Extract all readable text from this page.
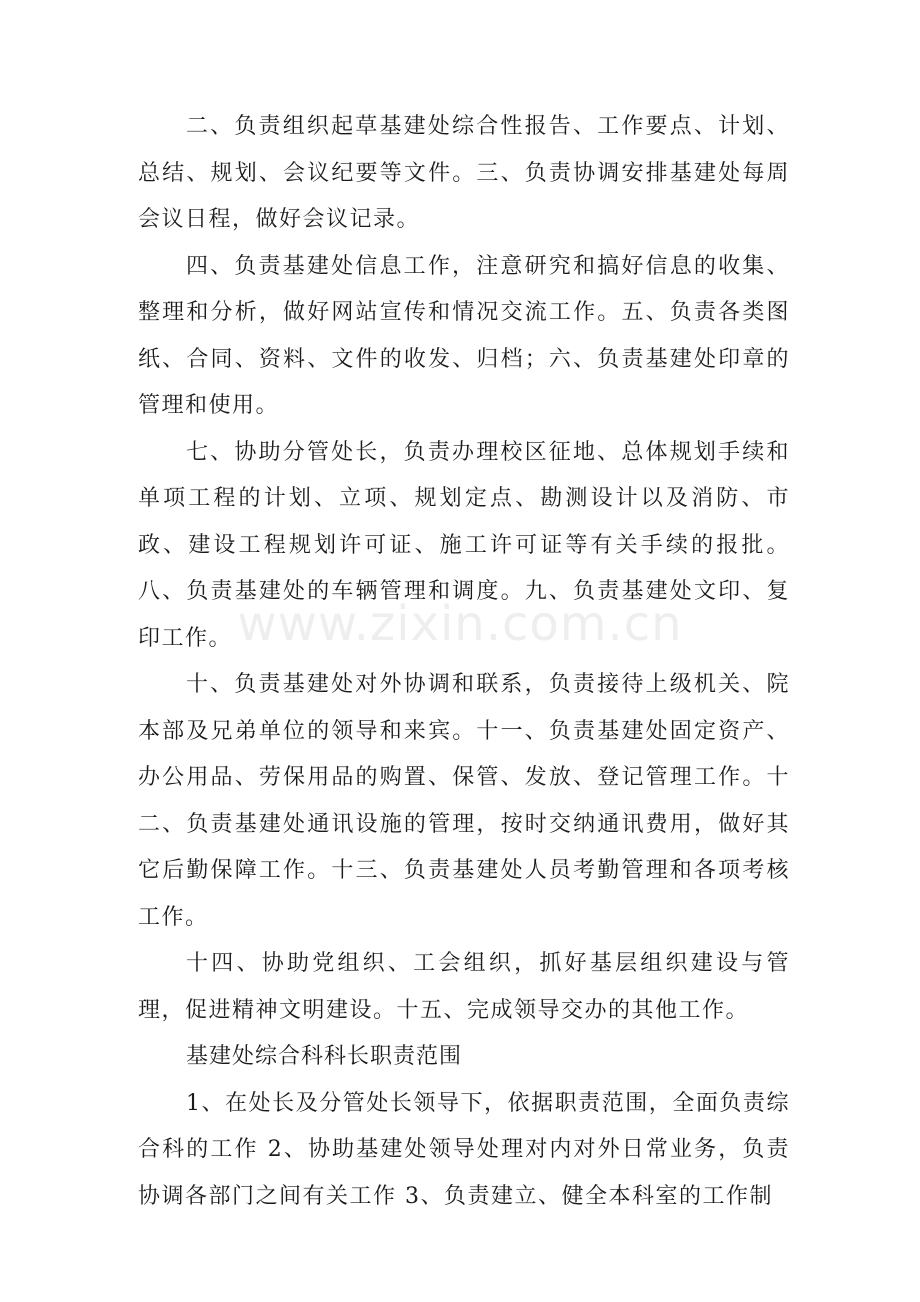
二、负责组织起草基建处综合性报告、工作要点、计划、总结、规划、会议纪要等文件。三、负责协调安排基建处每周会议日程，做好会议记录。

四、负责基建处信息工作，注意研究和搞好信息的收集、整理和分析，做好网站宣传和情况交流工作。五、负责各类图纸、合同、资料、文件的收发、归档；六、负责基建处印章的管理和使用。

七、协助分管处长，负责办理校区征地、总体规划手续和单项工程的计划、立项、规划定点、勘测设计以及消防、市政、建设工程规划许可证、施工许可证等有关手续的报批。八、负责基建处的车辆管理和调度。九、负责基建处文印、复印工作。

十、负责基建处对外协调和联系，负责接待上级机关、院本部及兄弟单位的领导和来宾。十一、负责基建处固定资产、办公用品、劳保用品的购置、保管、发放、登记管理工作。十二、负责基建处通讯设施的管理，按时交纳通讯费用，做好其它后勤保障工作。十三、负责基建处人员考勤管理和各项考核工作。

十四、协助党组织、工会组织，抓好基层组织建设与管理，促进精神文明建设。十五、完成领导交办的其他工作。

基建处综合科科长职责范围

1、在处长及分管处长领导下，依据职责范围，全面负责综合科的工作 2、协助基建处领导处理对内对外日常业务，负责协调各部门之间有关工作 3、负责建立、健全本科室的工作制

www.zixin.com.cn
